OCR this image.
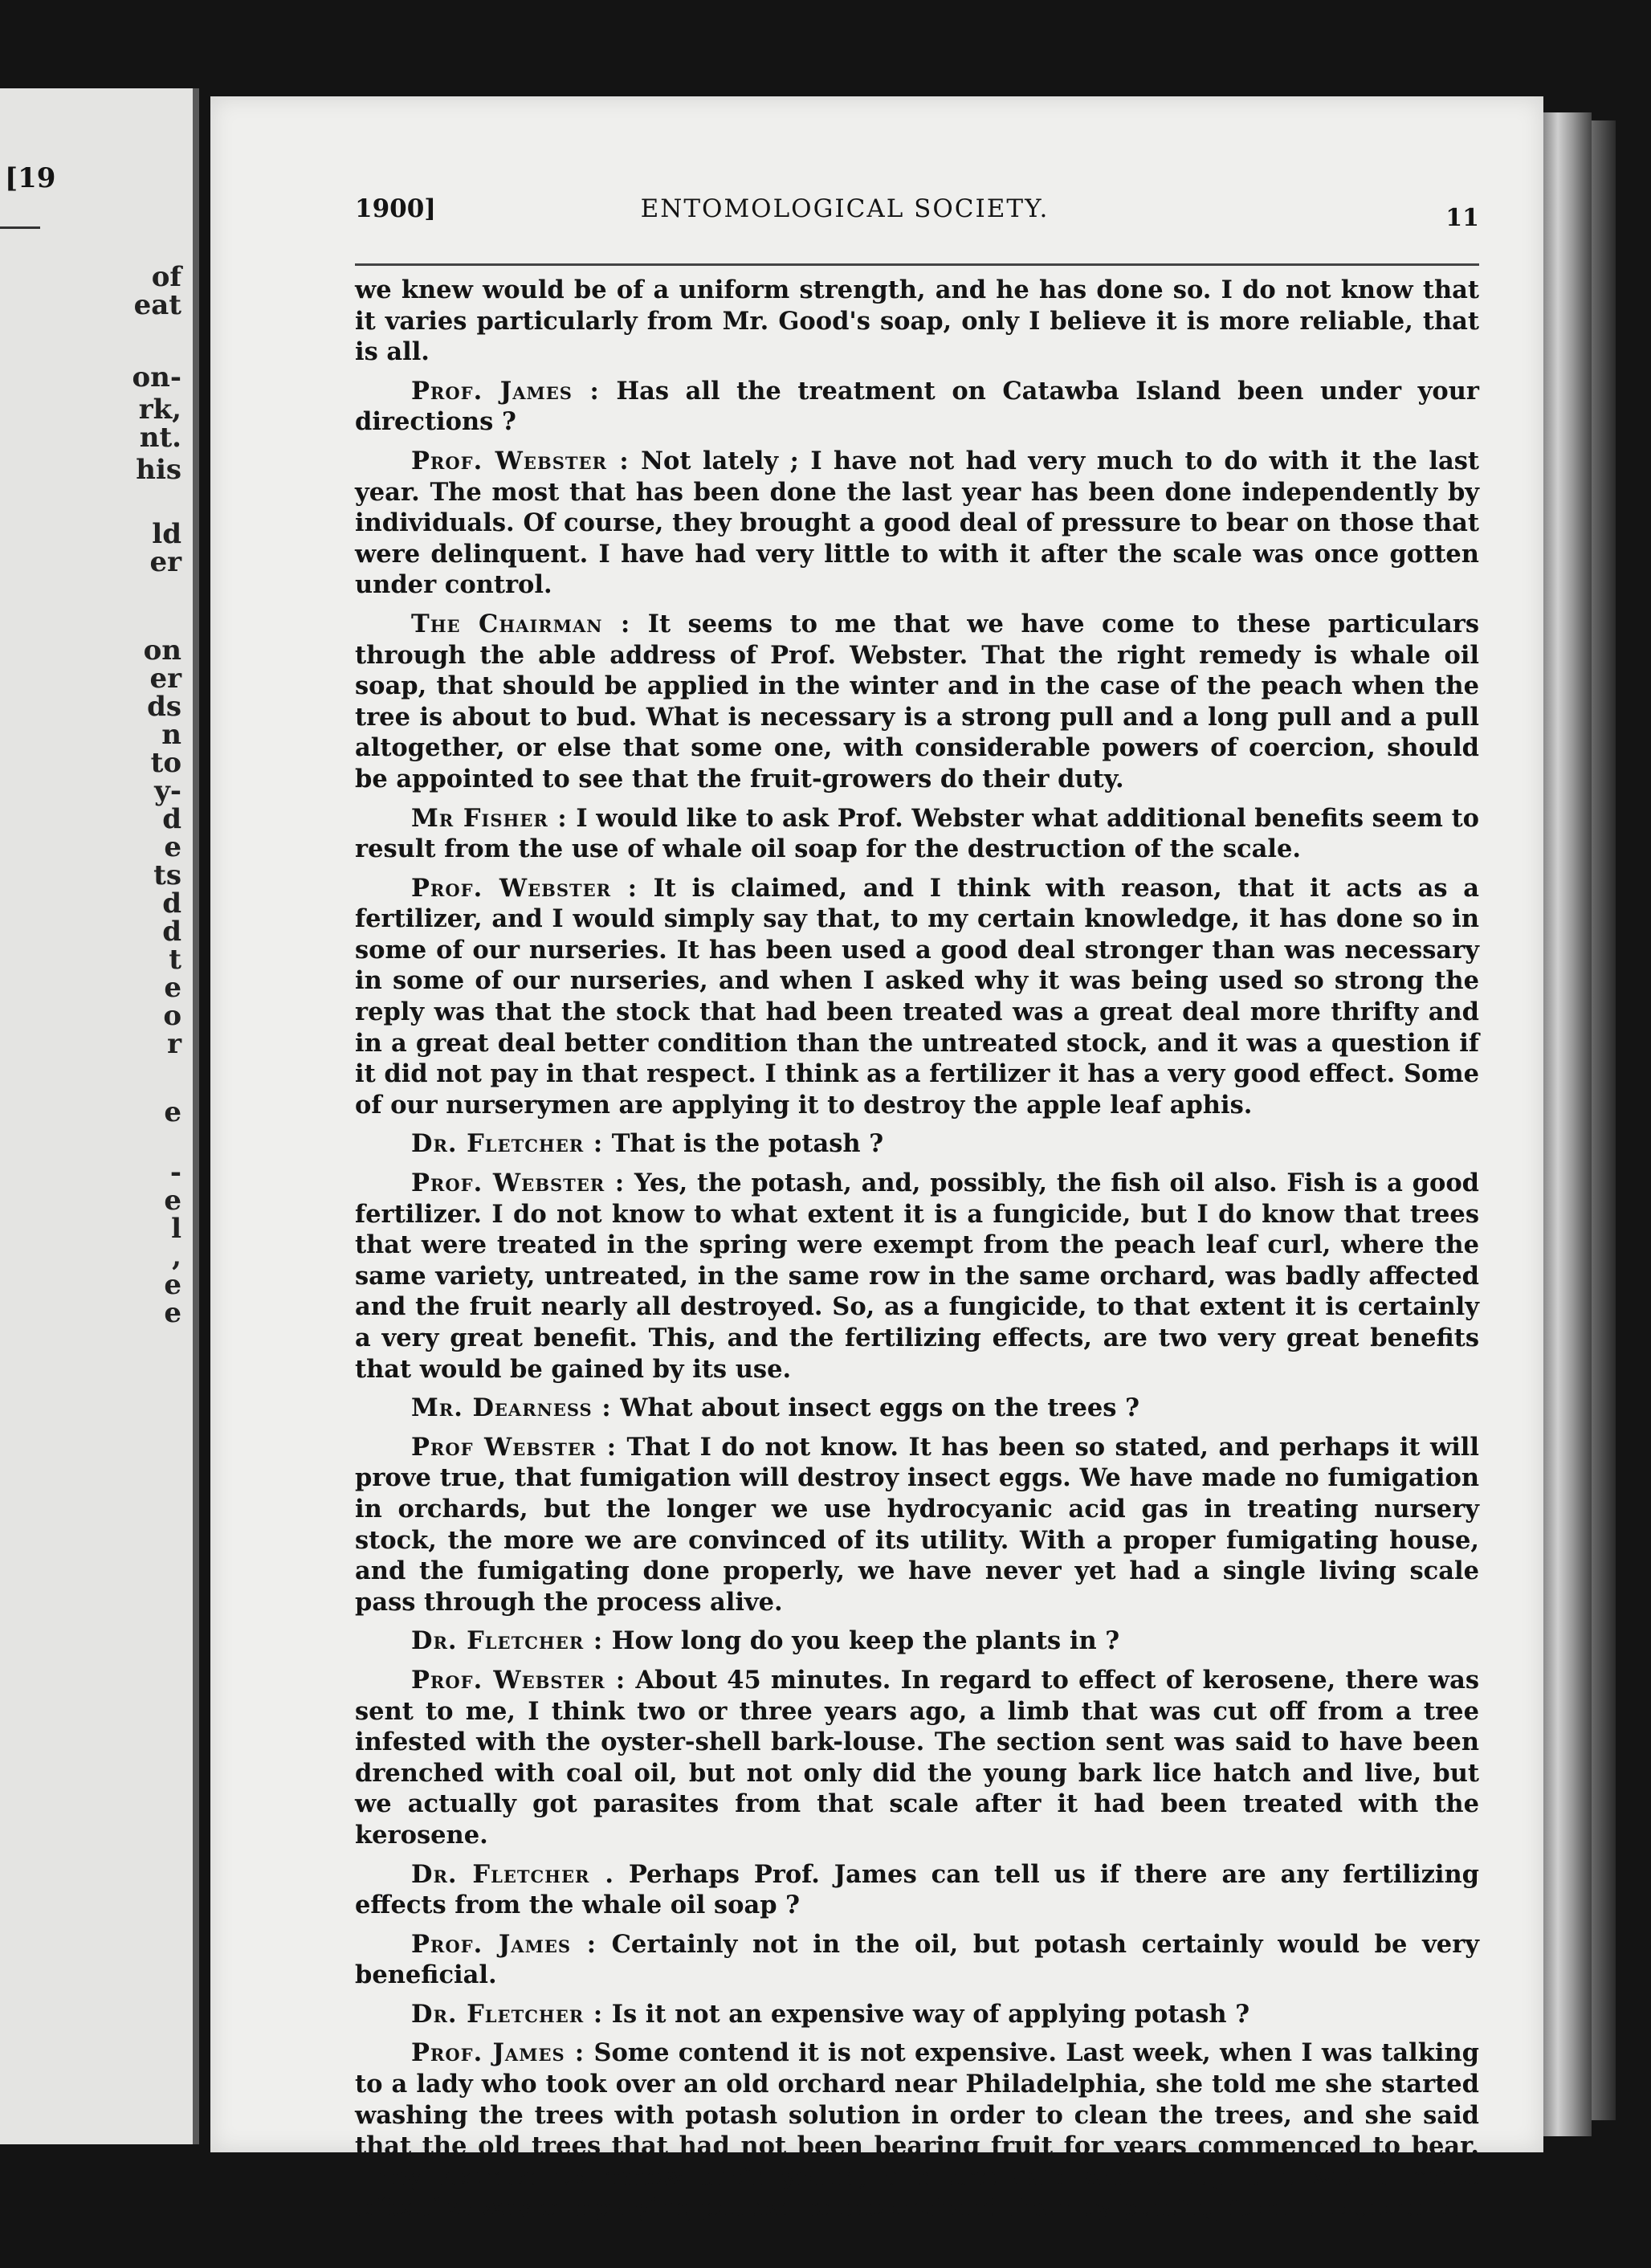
[19
of
eat
on-
rk,
nt.
his
ld
er
on
er
ds
n
to
y-
d
e
ts
d
d
t
e
o
r
e
-
e
l
,
e
e
1900]	ENTOMOLOGICAL SOCIETY.	11

we knew would be of a uniform strength, and he has done so. I do not know that it varies particularly from Mr. Good's soap, only I believe it is more reliable, that is all.

Prof. James : Has all the treatment on Catawba Island been under your directions ?

Prof. Webster : Not lately ; I have not had very much to do with it the last year. The most that has been done the last year has been done independently by individuals. Of course, they brought a good deal of pressure to bear on those that were delinquent. I have had very little to with it after the scale was once gotten under control.

The Chairman : It seems to me that we have come to these particulars through the able address of Prof. Webster. That the right remedy is whale oil soap, that should be applied in the winter and in the case of the peach when the tree is about to bud. What is necessary is a strong pull and a long pull and a pull altogether, or else that some one, with considerable powers of coercion, should be appointed to see that the fruit-growers do their duty.

Mr Fisher : I would like to ask Prof. Webster what additional benefits seem to result from the use of whale oil soap for the destruction of the scale.

Prof. Webster : It is claimed, and I think with reason, that it acts as a fertilizer, and I would simply say that, to my certain knowledge, it has done so in some of our nurseries. It has been used a good deal stronger than was necessary in some of our nurseries, and when I asked why it was being used so strong the reply was that the stock that had been treated was a great deal more thrifty and in a great deal better condition than the untreated stock, and it was a question if it did not pay in that respect. I think as a fertilizer it has a very good effect. Some of our nurserymen are applying it to destroy the apple leaf aphis.

Dr. Fletcher : That is the potash ?

Prof. Webster : Yes, the potash, and, possibly, the fish oil also. Fish is a good fertilizer. I do not know to what extent it is a fungicide, but I do know that trees that were treated in the spring were exempt from the peach leaf curl, where the same variety, untreated, in the same row in the same orchard, was badly affected and the fruit nearly all destroyed. So, as a fungicide, to that extent it is certainly a very great benefit. This, and the fertilizing effects, are two very great benefits that would be gained by its use.

Mr. Dearness : What about insect eggs on the trees ?

Prof Webster : That I do not know. It has been so stated, and perhaps it will prove true, that fumigation will destroy insect eggs. We have made no fumigation in orchards, but the longer we use hydrocyanic acid gas in treating nursery stock, the more we are convinced of its utility. With a proper fumigating house, and the fumigating done properly, we have never yet had a single living scale pass through the process alive.

Dr. Fletcher : How long do you keep the plants in ?

Prof. Webster : About 45 minutes. In regard to effect of kerosene, there was sent to me, I think two or three years ago, a limb that was cut off from a tree infested with the oyster-shell bark-louse. The section sent was said to have been drenched with coal oil, but not only did the young bark lice hatch and live, but we actually got parasites from that scale after it had been treated with the kerosene.

Dr. Fletcher . Perhaps Prof. James can tell us if there are any fertilizing effects from the whale oil soap ?

Prof. James : Certainly not in the oil, but potash certainly would be very beneficial.

Dr. Fletcher : Is it not an expensive way of applying potash ?

Prof. James : Some contend it is not expensive. Last week, when I was talking to a lady who took over an old orchard near Philadelphia, she told me she started washing the trees with potash solution in order to clean the trees, and she said that the old trees that had not been bearing fruit for years commenced to bear. They seemed to renew their youth, and she said she thought it was a more effective way of applying potash to the orchard than by putting it on the ground.
